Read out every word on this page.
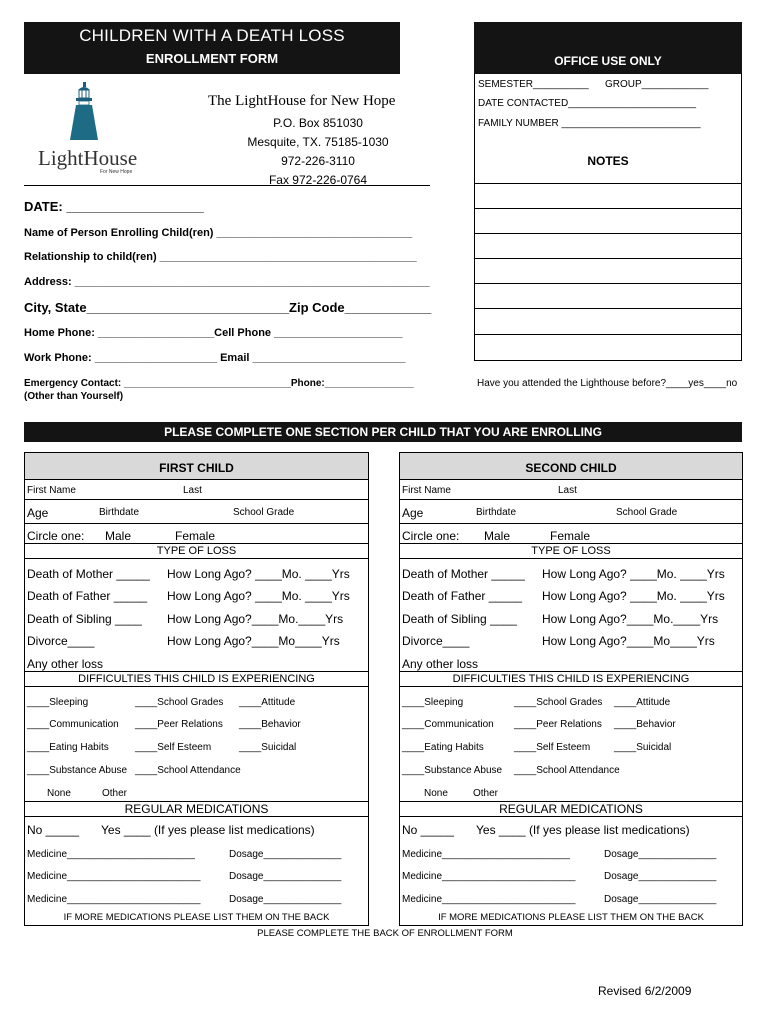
CHILDREN WITH A DEATH LOSS
ENROLLMENT FORM
LightHouse
For New Hope
The LightHouse for New Hope
P.O. Box 851030
Mesquite, TX. 75185-1030
972-226-3110
Fax 972-226-0764
OFFICE USE ONLY
SEMESTER__________ GROUP____________
DATE CONTACTED_______________________
FAMILY NUMBER _________________________
NOTES
DATE: ___________________
Name of Person Enrolling Child(ren) ________________________________
Relationship to child(ren) __________________________________________
Address: __________________________________________________________
City, State____________________________Zip Code____________
Home Phone: ___________________Cell Phone _____________________
Work Phone: ____________________ Email _________________________
Emergency Contact: ______________________________Phone:________________
(Other than Yourself)
Have you attended the Lighthouse before?____yes____no
PLEASE COMPLETE ONE SECTION PER CHILD THAT YOU ARE ENROLLING
FIRST CHILD
First Name	Last
Age	Birthdate	School Grade
Circle one: Male	Female
TYPE OF LOSS
Death of Mother _____ How Long Ago? ____Mo. ____Yrs
Death of Father _____ How Long Ago? ____Mo. ____Yrs
Death of Sibling ____ How Long Ago?____Mo.____Yrs
Divorce____	How Long Ago?____Mo____Yrs
Any other loss
DIFFICULTIES THIS CHILD IS EXPERIENCING
____Sleeping	____School Grades ____Attitude
____Communication ____Peer Relations ____Behavior
____Eating Habits	____Self Esteem	____Suicidal
____Substance Abuse ____School Attendance
None	Other
REGULAR MEDICATIONS
No _____ Yes ____ (If yes please list medications)
Medicine_______________________	Dosage______________
Medicine________________________	Dosage______________
Medicine________________________	Dosage______________
IF MORE MEDICATIONS PLEASE LIST THEM ON THE BACK
SECOND CHILD
First Name	Last
Age	Birthdate	School Grade
Circle one: Male	Female
TYPE OF LOSS
Death of Mother _____ How Long Ago? ____Mo. ____Yrs
Death of Father _____ How Long Ago? ____Mo. ____Yrs
Death of Sibling ____ How Long Ago?____Mo.____Yrs
Divorce____	How Long Ago?____Mo____Yrs
Any other loss
DIFFICULTIES THIS CHILD IS EXPERIENCING
____Sleeping	____School Grades ____Attitude
____Communication ____Peer Relations ____Behavior
____Eating Habits	____Self Esteem ____Suicidal
____Substance Abuse ____School Attendance
None	Other
REGULAR MEDICATIONS
No _____ Yes ____ (If yes please list medications)
Medicine_______________________	Dosage______________
Medicine________________________	Dosage______________
Medicine________________________	Dosage______________
IF MORE MEDICATIONS PLEASE LIST THEM ON THE BACK
PLEASE COMPLETE THE BACK OF ENROLLMENT FORM
Revised 6/2/2009
